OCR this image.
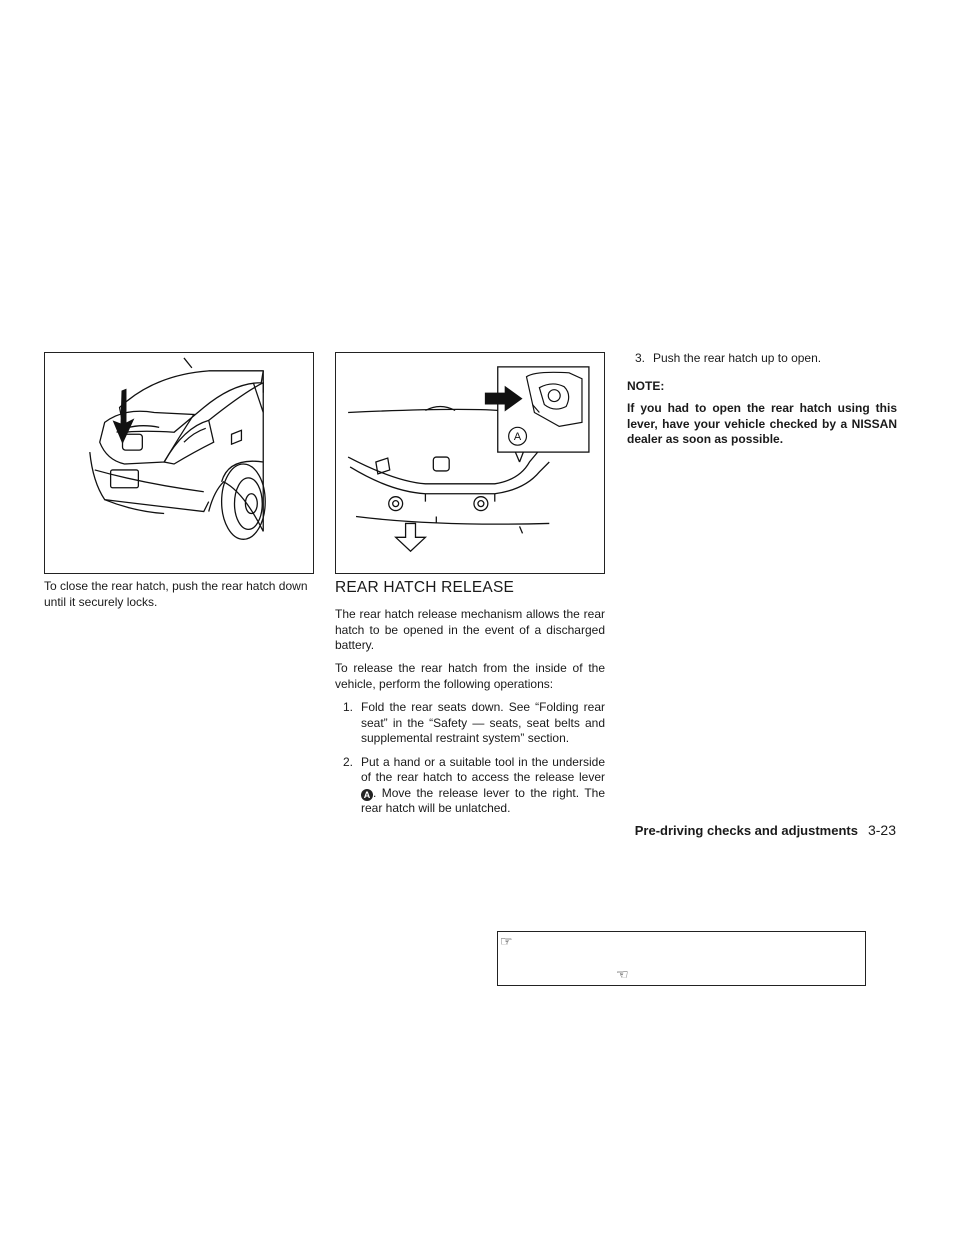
A
To close the rear hatch, push the rear hatch down until it securely locks.
REAR HATCH RELEASE
The rear hatch release mechanism allows the rear hatch to be opened in the event of a discharged battery.
To release the rear hatch from the inside of the vehicle, perform the following operations:
1. Fold the rear seats down. See “Folding rear seat” in the “Safety — seats, seat belts and supplemental restraint system” section.
2. Put a hand or a suitable tool in the underside of the rear hatch to access the release lever A . Move the release lever to the right. The rear hatch will be unlatched.
3. Push the rear hatch up to open.
NOTE:
If you had to open the rear hatch using this lever, have your vehicle checked by a NISSAN dealer as soon as possible.
Pre-driving checks and adjustments 3-23
☞
☜
